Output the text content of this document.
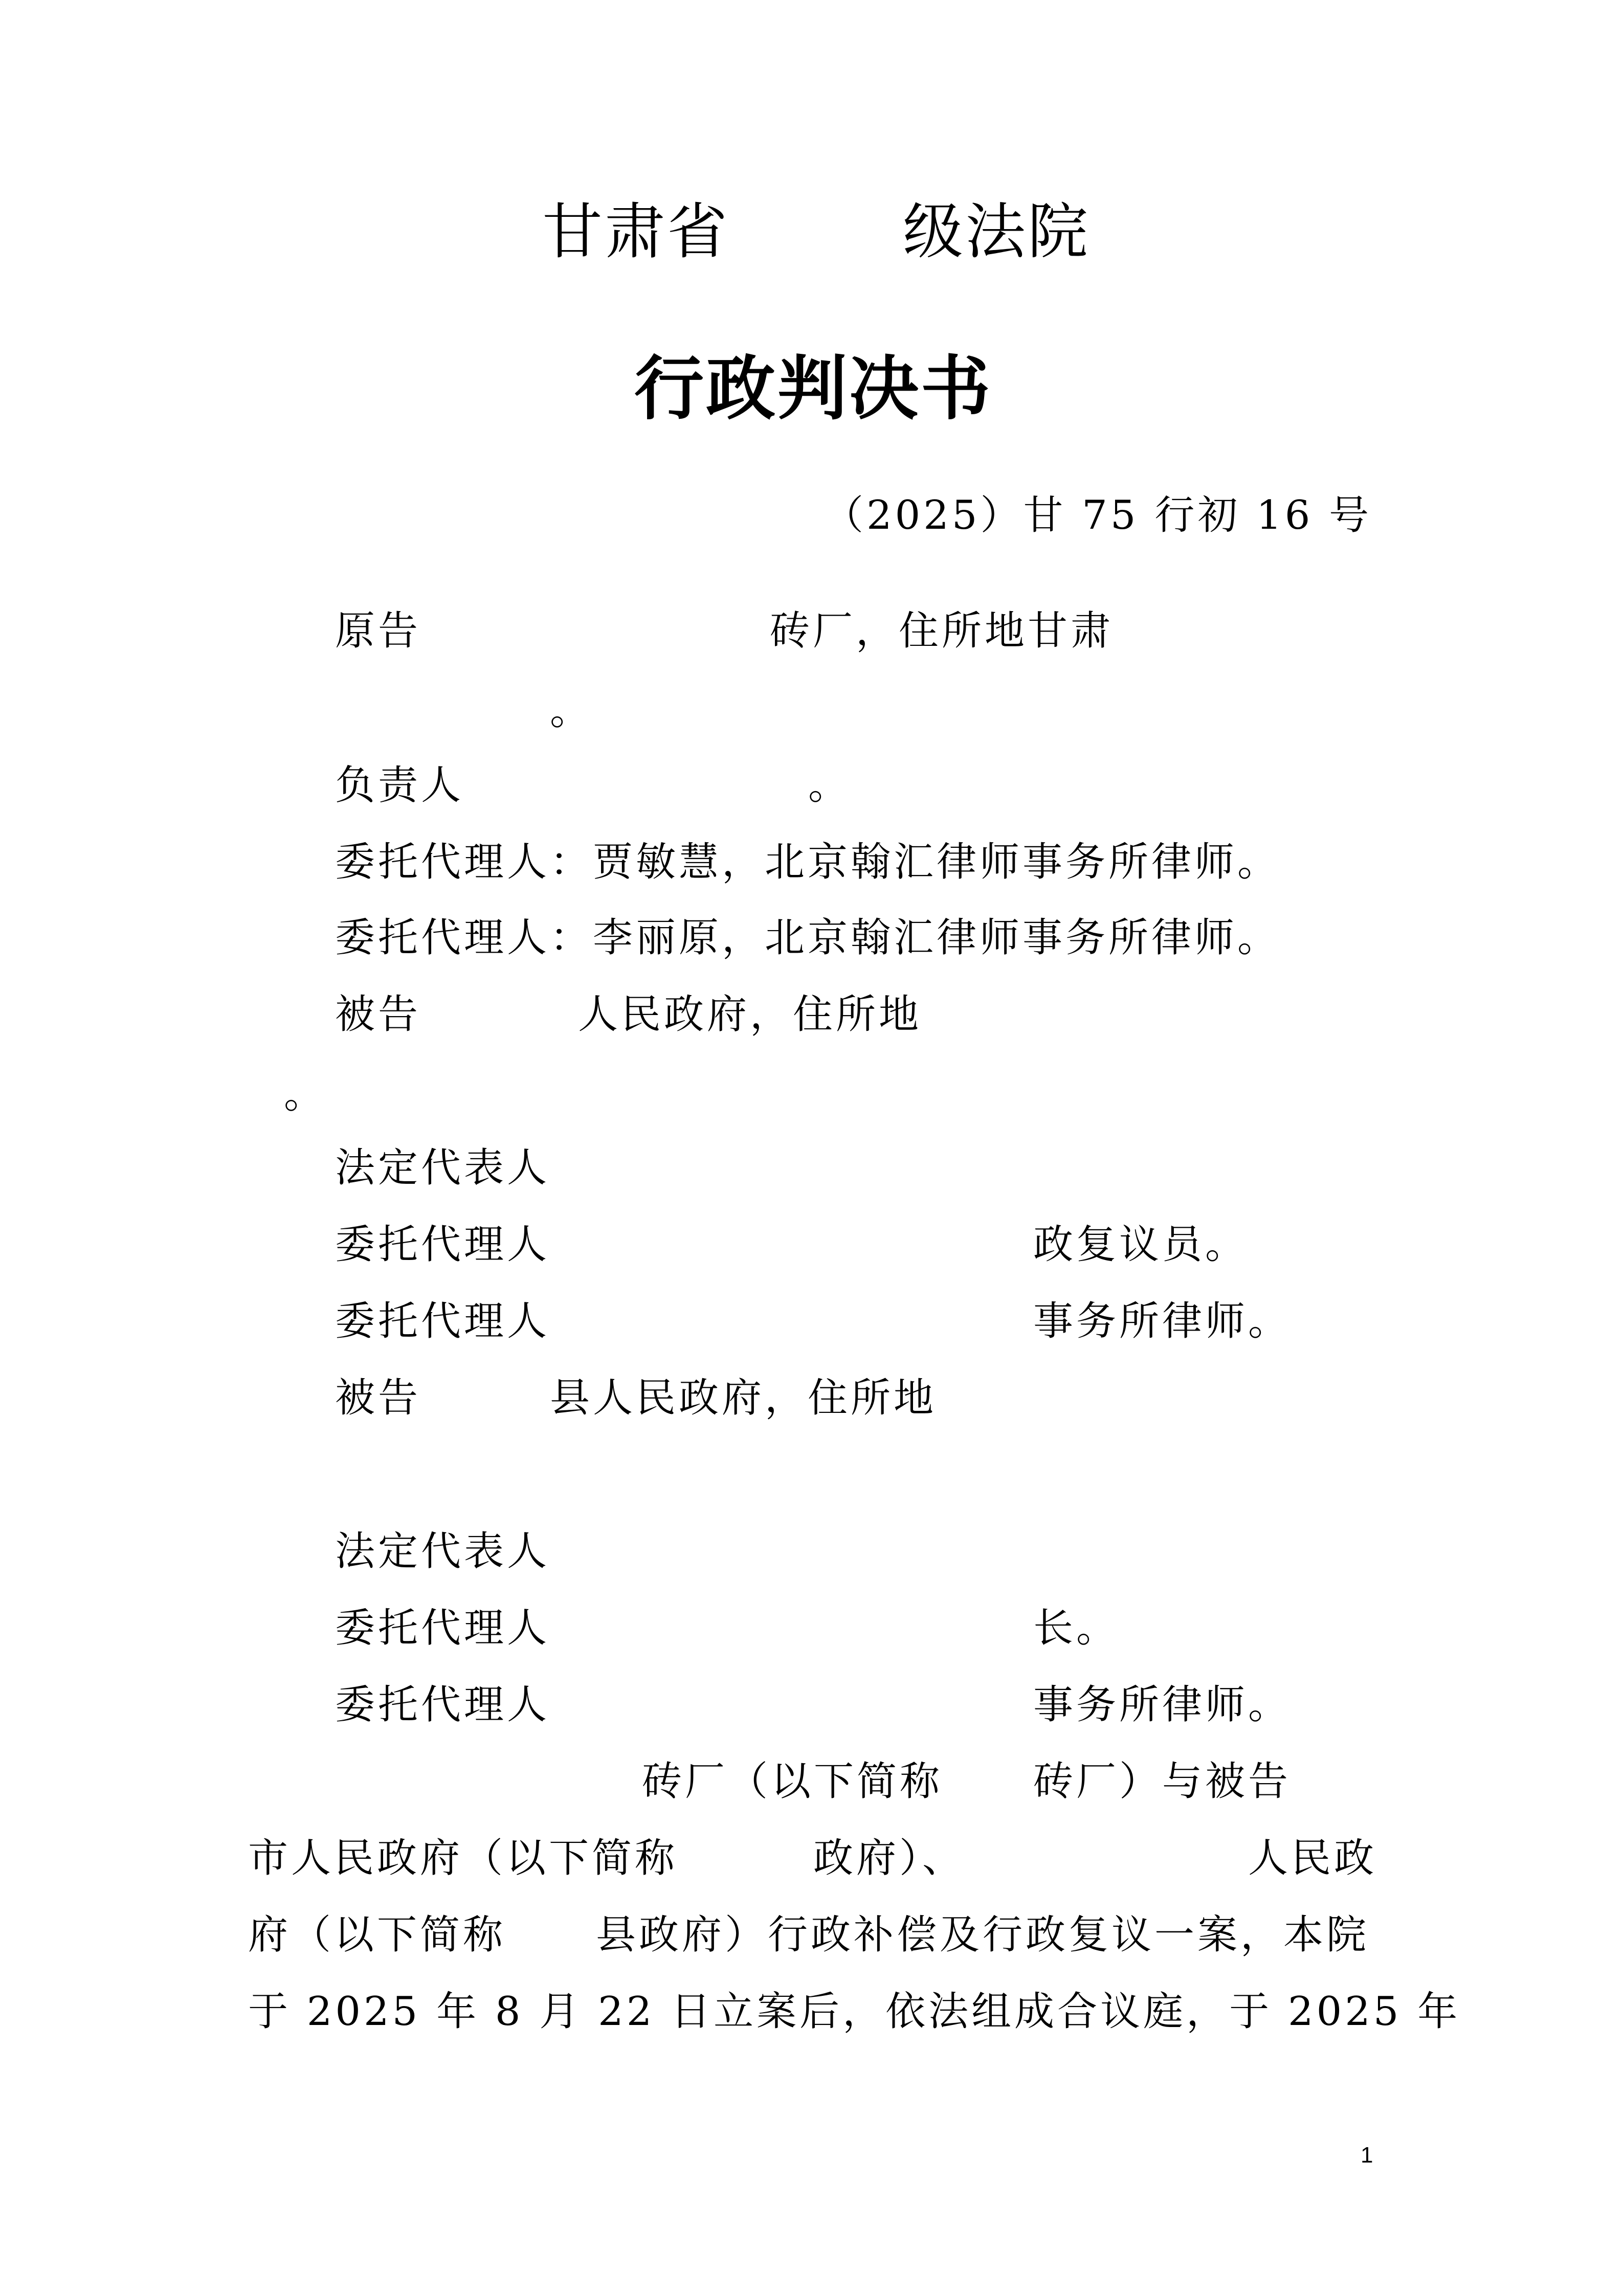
甘肃省	级法院
行政判决书
（2025）甘 75 行初 16 号
原告	砖厂，住所地甘肃
。
负责人	。
委托代理人：贾敏慧，北京翰汇律师事务所律师。
委托代理人：李丽原，北京翰汇律师事务所律师。
被告	人民政府，住所地
。
法定代表人
委托代理人	政复议员。
委托代理人	事务所律师。
被告	县人民政府，住所地
法定代表人
委托代理人	长。
委托代理人	事务所律师。
砖厂（以下简称 砖厂）与被告
市人民政府（以下简称	政府）、	人民政
府（以下简称 县政府）行政补偿及行政复议一案，本院
于 2025 年 8 月 22 日立案后，依法组成合议庭，于 2025 年
1
